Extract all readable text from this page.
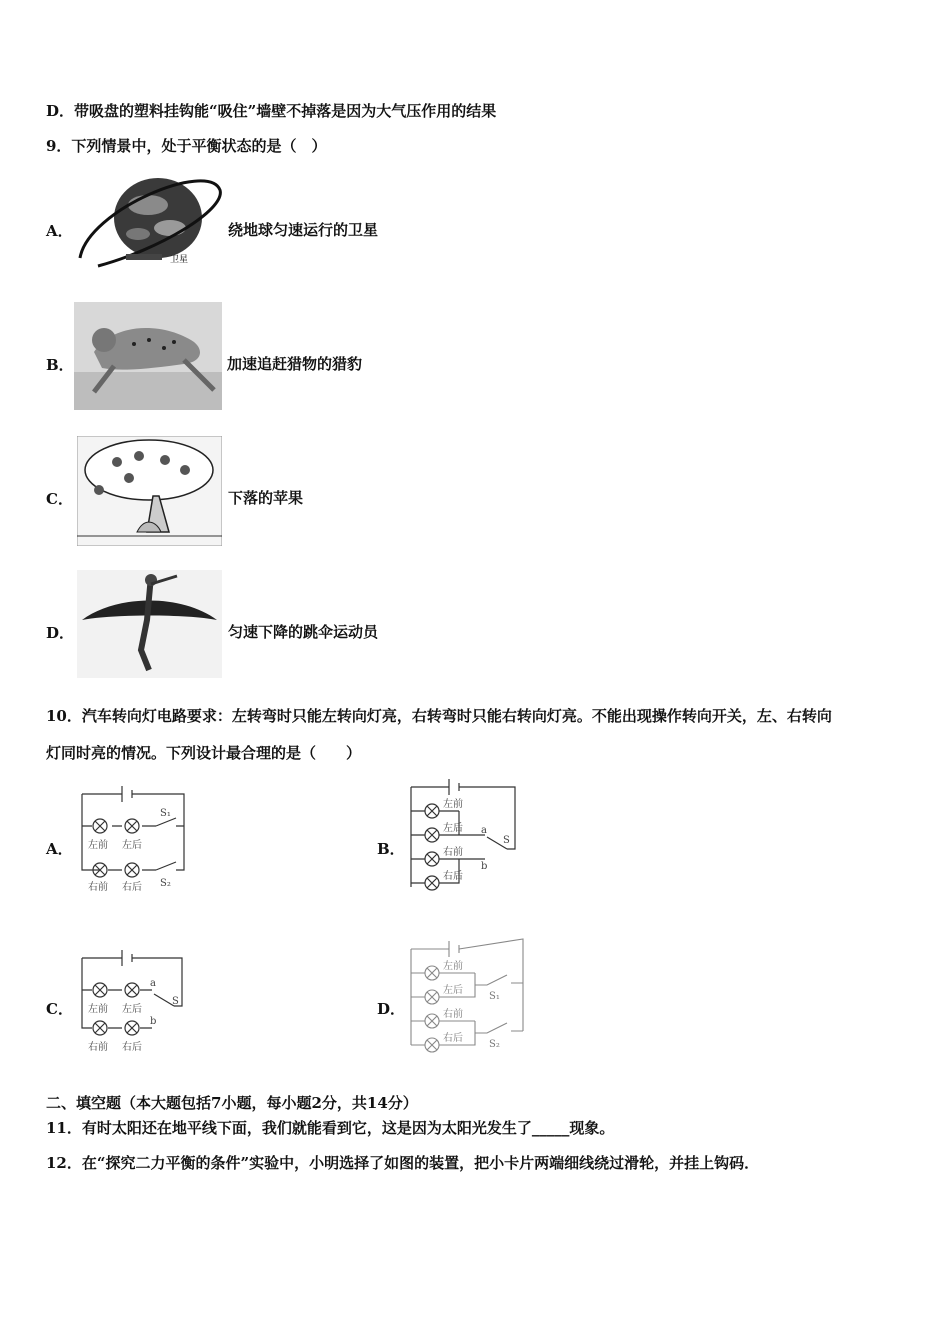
D．带吸盘的塑料挂钩能“吸住”墙壁不掉落是因为大气压作用的结果
9．下列情景中，处于平衡状态的是（　）
A．
卫星
绕地球匀速运行的卫星
B．	加速追赶猎物的猎豹
C．	下落的苹果
D．	匀速下降的跳伞运动员
10．汽车转向灯电路要求：左转弯时只能左转向灯亮，右转弯时只能右转向灯亮。不能出现操作转向开关，左、右转向
灯同时亮的情况。下列设计最合理的是（　　）
A． 左前 左后
右前 右后
S₁
S₂
B．
左前
左后
右前
右后
S
a
b
C． 左前 左后
右前 右后
S
a
b
D．
左前
左后
右前
右后
S₁
S₂
二、填空题（本大题包括7小题，每小题2分，共14分）
11．有时太阳还在地平线下面，我们就能看到它，这是因为太阳光发生了_____现象。
12．在“探究二力平衡的条件”实验中，小明选择了如图的装置，把小卡片两端细线绕过滑轮，并挂上钩码．
